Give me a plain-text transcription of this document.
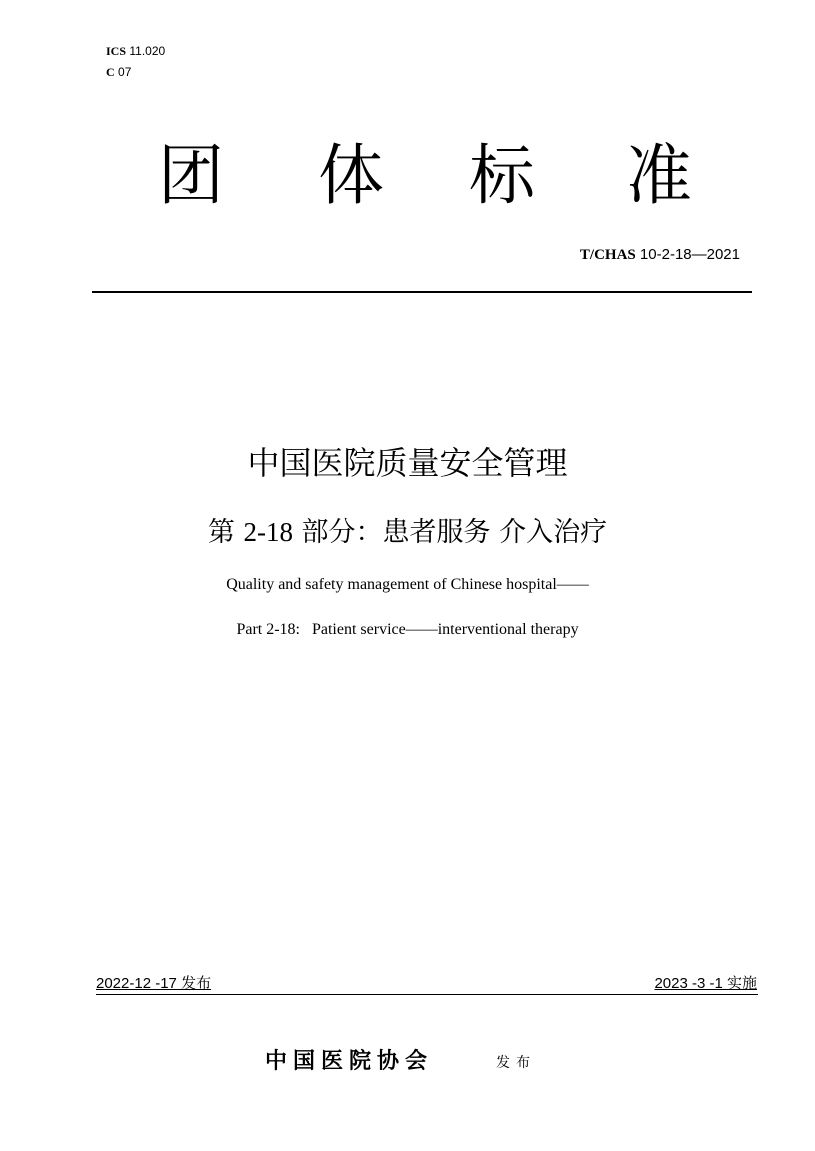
ICS 11.020
C 07
团 体 标 准
T/CHAS 10-2-18—2021
中国医院质量安全管理
第 2-18 部分：患者服务 介入治疗
Quality and safety management of Chinese hospital——
Part 2-18:   Patient service——interventional therapy
2022-12 -17 发布	2023 -3 -1 实施
中国医院协会	发布
